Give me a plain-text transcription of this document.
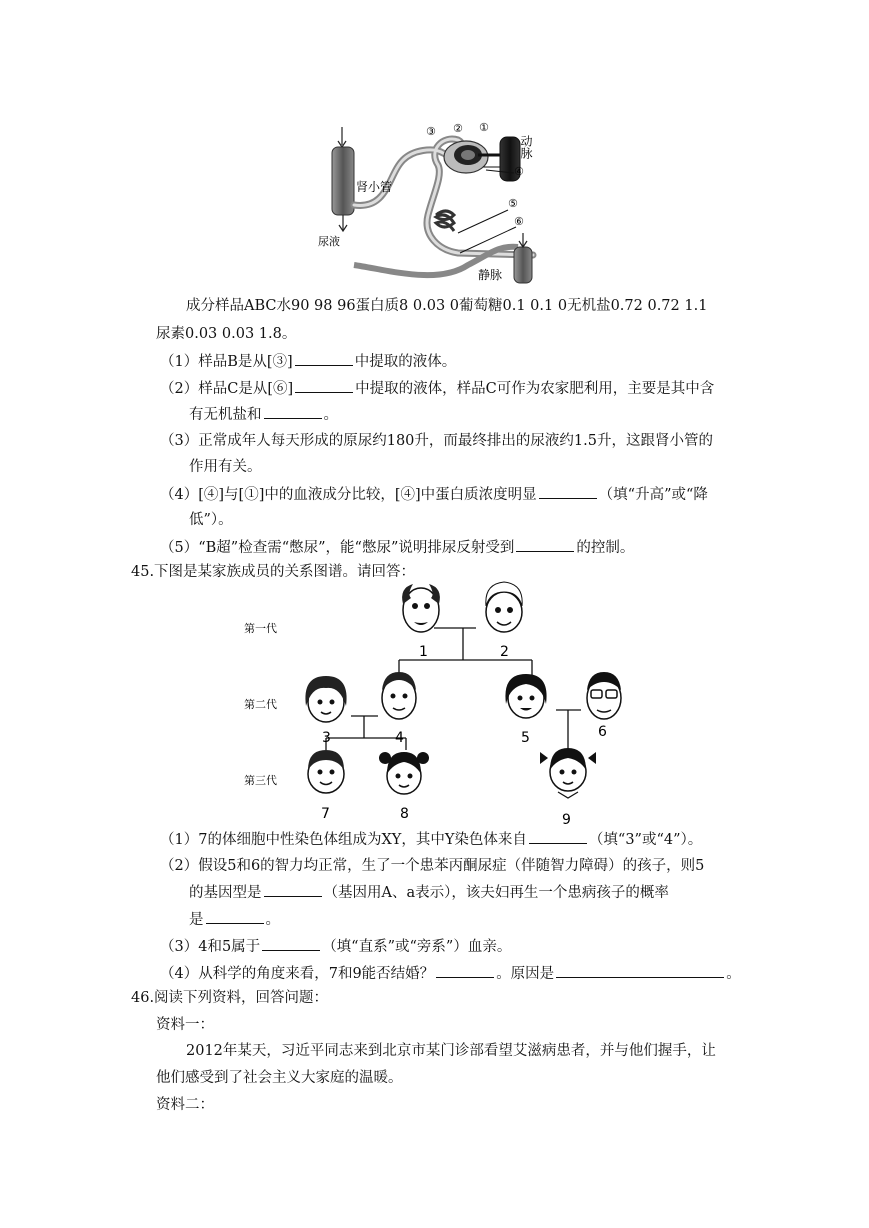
③ ② ①
④
⑤
⑥
动脉
肾小管
尿液
静脉
成分样品ABC水90 98 96蛋白质8 0.03 0葡萄糖0.1 0.1 0无机盐0.72 0.72 1.1
尿素0.03 0.03 1.8。
（1）样品B是从[③]	中提取的液体。
（2）样品C是从[⑥]	中提取的液体，样品C可作为农家肥利用，主要是其中含
有无机盐和	。
（3）正常成年人每天形成的原尿约180升，而最终排出的尿液约1.5升，这跟肾小管的
作用有关。
（4）[④]与[①]中的血液成分比较，[④]中蛋白质浓度明显	（填“升高”或“降
低”）。
（5）“B超”检查需“憋尿”，能“憋尿”说明排尿反射受到	的控制。
45.下图是某家族成员的关系图谱。请回答：
第一代
第二代
第三代
1	2
3	4	5	6
7	8	9
（1）7的体细胞中性染色体组成为XY，其中Y染色体来自	（填“3”或“4”）。
（2）假设5和6的智力均正常，生了一个患苯丙酮尿症（伴随智力障碍）的孩子，则5
的基因型是	（基因用A、a表示），该夫妇再生一个患病孩子的概率
是	。
（3）4和5属于	（填“直系”或“旁系”）血亲。
（4）从科学的角度来看，7和9能否结婚？	。原因是	。
46.阅读下列资料，回答问题：
资料一：
2012年某天，习近平同志来到北京市某门诊部看望艾滋病患者，并与他们握手，让
他们感受到了社会主义大家庭的温暖。
资料二：
